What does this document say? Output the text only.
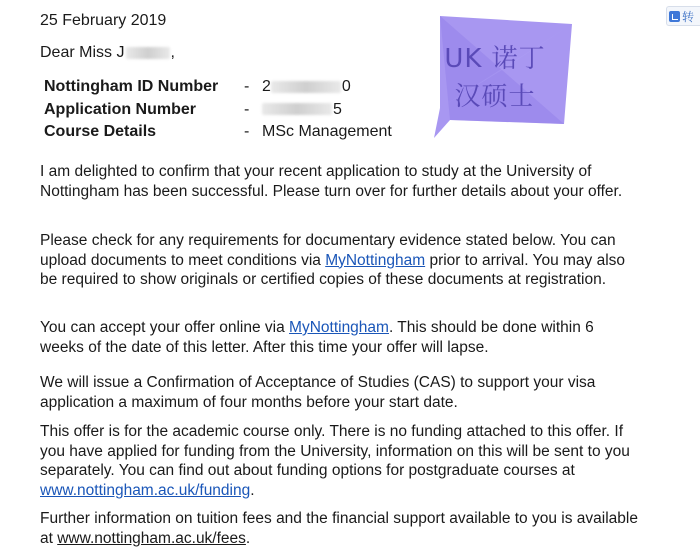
25 February 2019
Dear Miss J	,
Nottingham ID Number - 2	0
Application Number	-	5
Course Details	- MSc Management
UK 诺丁
汉硕士
转

I am delighted to confirm that your recent application to study at the University of Nottingham has been successful. Please turn over for further details about your offer.

Please check for any requirements for documentary evidence stated below. You can upload documents to meet conditions via MyNottingham prior to arrival. You may also be required to show originals or certified copies of these documents at registration.

You can accept your offer online via MyNottingham. This should be done within 6 weeks of the date of this letter. After this time your offer will lapse.

We will issue a Confirmation of Acceptance of Studies (CAS) to support your visa application a maximum of four months before your start date.

This offer is for the academic course only. There is no funding attached to this offer. If you have applied for funding from the University, information on this will be sent to you separately. You can find out about funding options for postgraduate courses at www.nottingham.ac.uk/funding.

Further information on tuition fees and the financial support available to you is available at www.nottingham.ac.uk/fees.
